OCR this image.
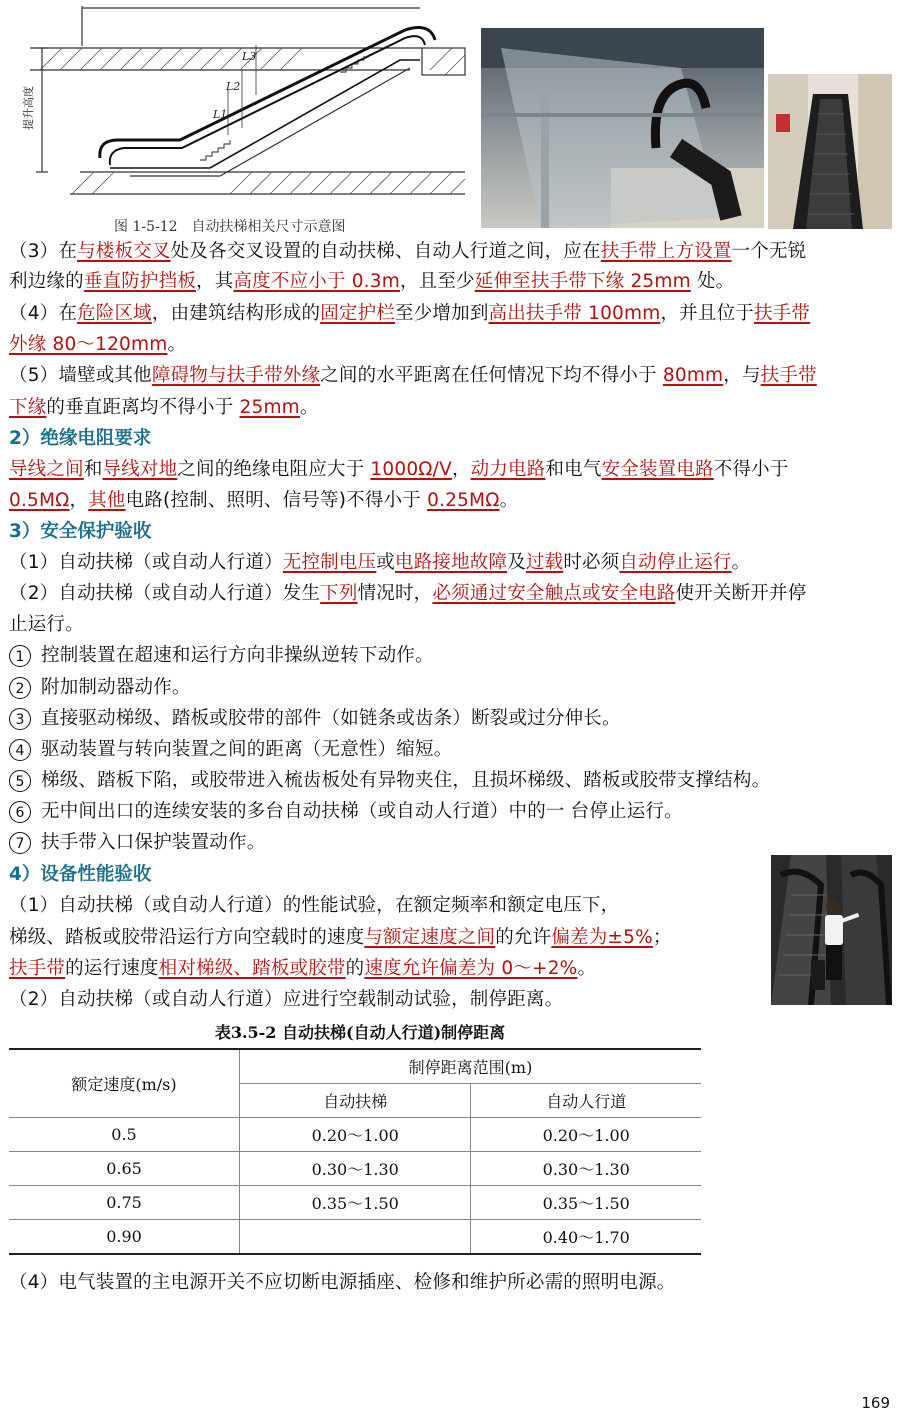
提升高度	L1
L2
L3
图 1-5-12　自动扶梯相关尺寸示意图
（3）在与楼板交叉处及各交叉设置的自动扶梯、自动人行道之间，应在扶手带上方设置一个无锐
利边缘的垂直防护挡板，其高度不应小于 0.3m，且至少延伸至扶手带下缘 25mm 处。
（4）在危险区域，由建筑结构形成的固定护栏至少增加到高出扶手带 100mm，并且位于扶手带
外缘 80～120mm。
（5）墙壁或其他障碍物与扶手带外缘之间的水平距离在任何情况下均不得小于 80mm，与扶手带
下缘的垂直距离均不得小于 25mm。
2）绝缘电阻要求
导线之间和导线对地之间的绝缘电阻应大于 1000Ω/V，动力电路和电气安全装置电路不得小于
0.5MΩ，其他电路(控制、照明、信号等)不得小于 0.25MΩ。
3）安全保护验收
（1）自动扶梯（或自动人行道）无控制电压或电路接地故障及过载时必须自动停止运行。
（2）自动扶梯（或自动人行道）发生下列情况时，必须通过安全触点或安全电路使开关断开并停
止运行。
1 控制装置在超速和运行方向非操纵逆转下动作。
2 附加制动器动作。
3 直接驱动梯级、踏板或胶带的部件（如链条或齿条）断裂或过分伸长。
4 驱动装置与转向装置之间的距离（无意性）缩短。
5 梯级、踏板下陷，或胶带进入梳齿板处有异物夹住，且损坏梯级、踏板或胶带支撑结构。
6 无中间出口的连续安装的多台自动扶梯（或自动人行道）中的一 台停止运行。
7 扶手带入口保护装置动作。
4）设备性能验收
（1）自动扶梯（或自动人行道）的性能试验，在额定频率和额定电压下，
梯级、踏板或胶带沿运行方向空载时的速度与额定速度之间的允许偏差为±5%；
扶手带的运行速度相对梯级、踏板或胶带的速度允许偏差为 0～+2%。
（2）自动扶梯（或自动人行道）应进行空载制动试验，制停距离。
表3.5-2 自动扶梯(自动人行道)制停距离
额定速度(m/s)	制停距离范围(m)	
	自动扶梯	自动人行道
0.5	0.20～1.00	0.20～1.00
0.65	0.30～1.30	0.30～1.30
0.75	0.35～1.50	0.35～1.50
0.90		0.40～1.70
（4）电气装置的主电源开关不应切断电源插座、检修和维护所必需的照明电源。
169
